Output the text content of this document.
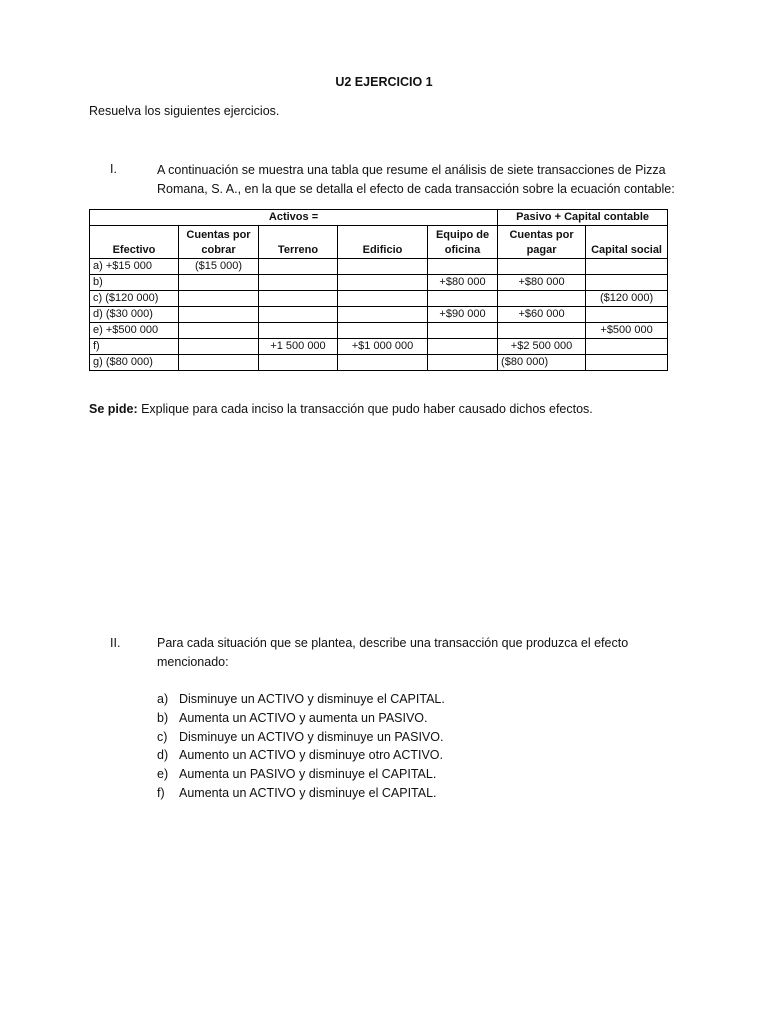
U2 EJERCICIO 1
Resuelva los siguientes ejercicios.
I.	A continuación se muestra una tabla que resume el análisis de siete transacciones de Pizza Romana, S. A., en la que se detalla el efecto de cada transacción sobre la ecuación contable:
Activos =					Pasivo + Capital contable	
Efectivo	Cuentas por cobrar	Terreno	Edificio	Equipo de oficina	Cuentas por pagar	Capital social
a) +$15 000	($15 000)					
b)				+$80 000	+$80 000	
c) ($120 000)						($120 000)
d) ($30 000)				+$90 000	+$60 000	
e) +$500 000						+$500 000
f)		+1 500 000	+$1 000 000		+$2 500 000	
g) ($80 000)					($80 000)	
Se pide: Explique para cada inciso la transacción que pudo haber causado dichos efectos.
II.	Para cada situación que se plantea, describe una transacción que produzca el efecto mencionado:
a) Disminuye un ACTIVO y disminuye el CAPITAL.
b) Aumenta un ACTIVO y aumenta un PASIVO.
c) Disminuye un ACTIVO y disminuye un PASIVO.
d) Aumento un ACTIVO y disminuye otro ACTIVO.
e) Aumenta un PASIVO y disminuye el CAPITAL.
f) Aumenta un ACTIVO y disminuye el CAPITAL.
